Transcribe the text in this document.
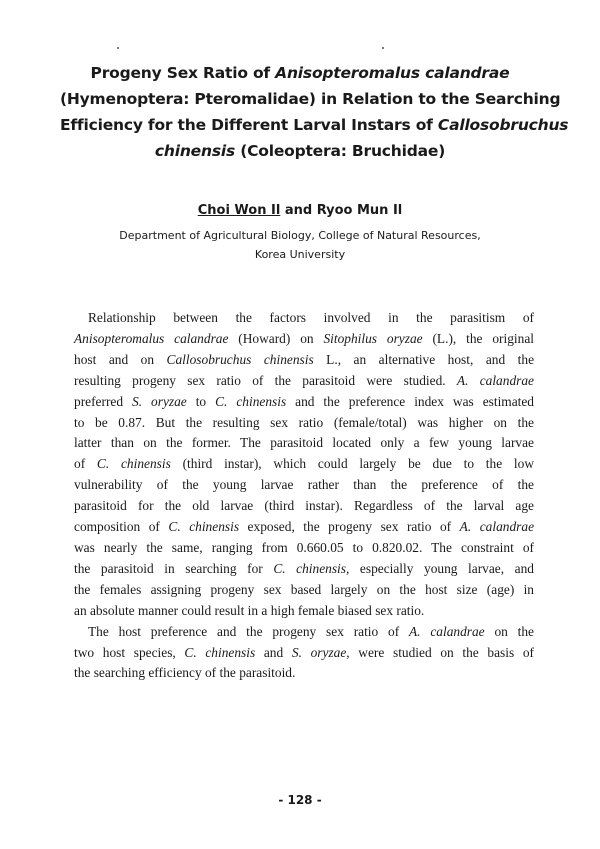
Progeny Sex Ratio of Anisopteromalus calandrae
(Hymenoptera: Pteromalidae) in Relation to the Searching
Efficiency for the Different Larval Instars of Callosobruchus
chinensis (Coleoptera: Bruchidae)
Choi Won Il and Ryoo Mun Il
Department of Agricultural Biology, College of Natural Resources,
Korea University
Relationship between the factors involved in the parasitism of
Anisopteromalus calandrae (Howard) on Sitophilus oryzae (L.), the original
host and on Callosobruchus chinensis L., an alternative host, and the
resulting progeny sex ratio of the parasitoid were studied. A. calandrae
preferred S. oryzae to C. chinensis and the preference index was estimated
to be 0.87. But the resulting sex ratio (female/total) was higher on the
latter than on the former. The parasitoid located only a few young larvae
of C. chinensis (third instar), which could largely be due to the low
vulnerability of the young larvae rather than the preference of the
parasitoid for the old larvae (third instar). Regardless of the larval age
composition of C. chinensis exposed, the progeny sex ratio of A. calandrae
was nearly the same, ranging from 0.660.05 to 0.820.02. The constraint of
the parasitoid in searching for C. chinensis, especially young larvae, and
the females assigning progeny sex based largely on the host size (age) in
an absolute manner could result in a high female biased sex ratio.
The host preference and the progeny sex ratio of A. calandrae on the
two host species, C. chinensis and S. oryzae, were studied on the basis of
the searching efficiency of the parasitoid.
- 128 -
